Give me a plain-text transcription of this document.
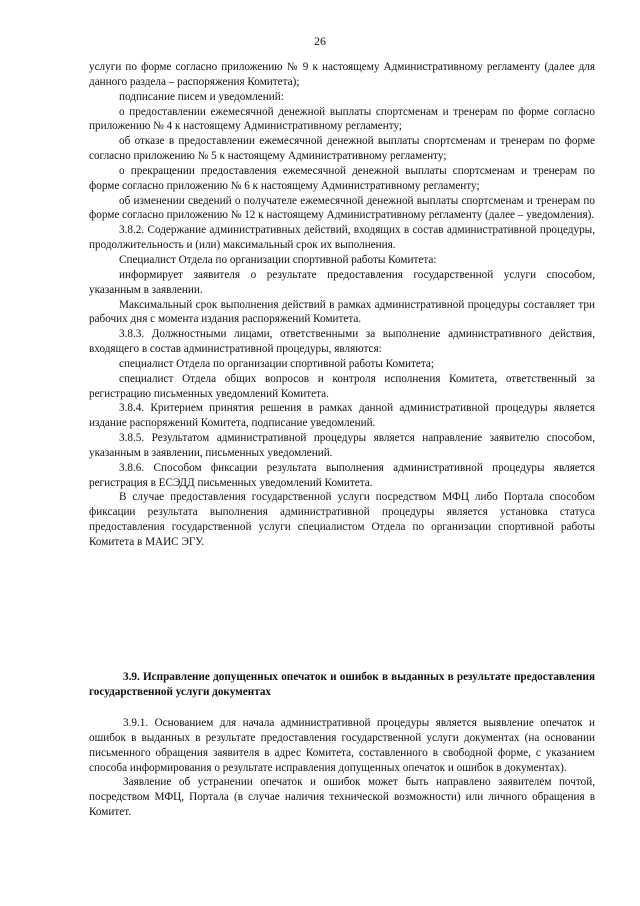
26

услуги по форме согласно приложению № 9 к настоящему Административному регламенту (далее для данного раздела – распоряжения Комитета);

подписание писем и уведомлений:

о предоставлении ежемесячной денежной выплаты спортсменам и тренерам по форме согласно приложению № 4 к настоящему Административному регламенту;

об отказе в предоставлении ежемесячной денежной выплаты спортсменам и тренерам по форме согласно приложению № 5 к настоящему Административному регламенту;

о прекращении предоставления ежемесячной денежной выплаты спортсменам и тренерам по форме согласно приложению № 6 к настоящему Административному регламенту;

об изменении сведений о получателе ежемесячной денежной выплаты спортсменам и тренерам по форме согласно приложению № 12 к настоящему Административному регламенту (далее – уведомления).

3.8.2. Содержание административных действий, входящих в состав административной процедуры, продолжительность и (или) максимальный срок их выполнения.

Специалист Отдела по организации спортивной работы Комитета:

информирует заявителя о результате предоставления государственной услуги способом, указанным в заявлении.

Максимальный срок выполнения действий в рамках административной процедуры составляет три рабочих дня с момента издания распоряжений Комитета.

3.8.3. Должностными лицами, ответственными за выполнение административного действия, входящего в состав административной процедуры, являются:

специалист Отдела по организации спортивной работы Комитета;

специалист Отдела общих вопросов и контроля исполнения Комитета, ответственный за регистрацию письменных уведомлений Комитета.

3.8.4. Критерием принятия решения в рамках данной административной процедуры является издание распоряжений Комитета, подписание уведомлений.

3.8.5. Результатом административной процедуры является направление заявителю способом, указанным в заявлении, письменных уведомлений.

3.8.6. Способом фиксации результата выполнения административной процедуры является регистрация в ЕСЭДД письменных уведомлений Комитета.

В случае предоставления государственной услуги посредством МФЦ либо Портала способом фиксации результата выполнения административной процедуры является установка статуса предоставления государственной услуги специалистом Отдела по организации спортивной работы Комитета в МАИС ЭГУ.

3.9. Исправление допущенных опечаток и ошибок в выданных в результате предоставления государственной услуги документах

3.9.1. Основанием для начала административной процедуры является выявление опечаток и ошибок в выданных в результате предоставления государственной услуги документах (на основании письменного обращения заявителя в адрес Комитета, составленного в свободной форме, с указанием способа информирования о результате исправления допущенных опечаток и ошибок в документах).

Заявление об устранении опечаток и ошибок может быть направлено заявителем почтой, посредством МФЦ, Портала (в случае наличия технической возможности) или личного обращения в Комитет.
